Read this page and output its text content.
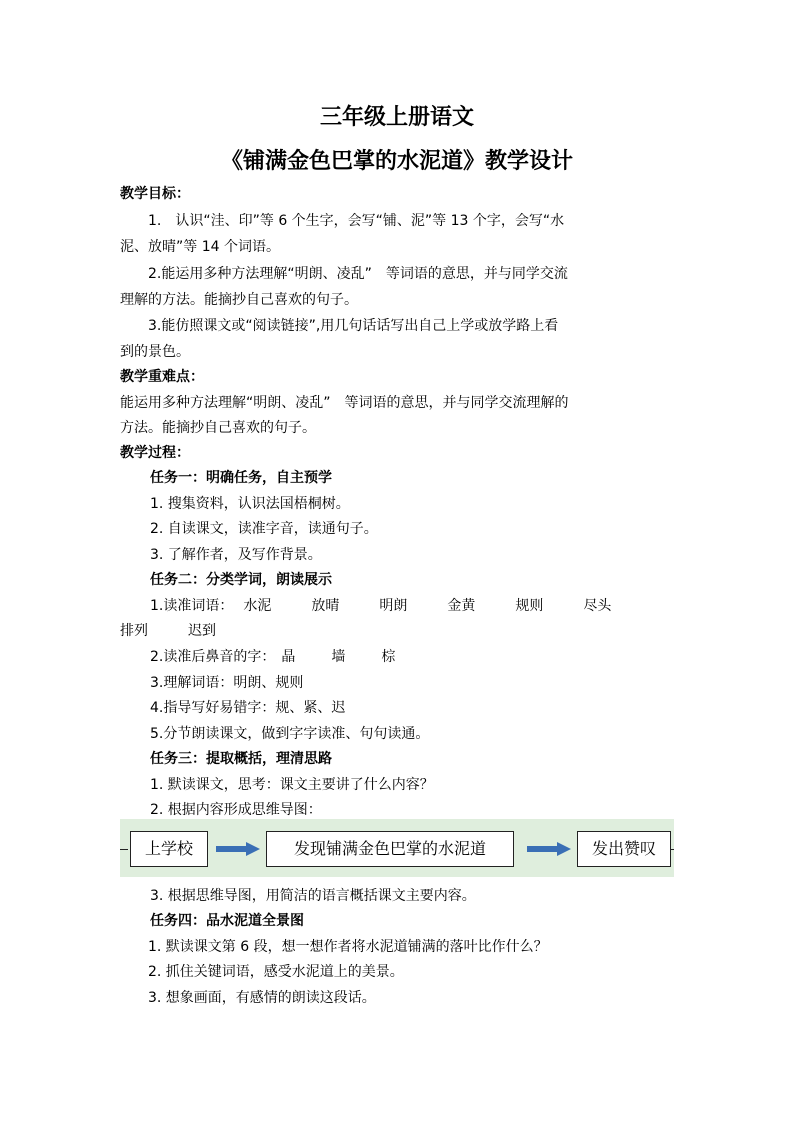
三年级上册语文
《铺满金色巴掌的水泥道》教学设计
教学目标：
1.　认识“洼、印”等 6 个生字，会写“铺、泥”等 13 个字，会写“水
泥、放晴”等 14 个词语。
2.能运用多种方法理解“明朗、凌乱”　等词语的意思，并与同学交流
理解的方法。能摘抄自己喜欢的句子。
3.能仿照课文或“阅读链接”,用几句话话写出自己上学或放学路上看
到的景色。
教学重难点：
能运用多种方法理解“明朗、凌乱”　等词语的意思，并与同学交流理解的
方法。能摘抄自己喜欢的句子。
教学过程：
任务一：明确任务，自主预学
1. 搜集资料，认识法国梧桐树。
2. 自读课文，读准字音，读通句子。
3. 了解作者，及写作背景。
任务二：分类学词，朗读展示
1.读准词语： 水泥	放晴	明朗	金黄	规则	尽头
排列	迟到
2.读准后鼻音的字： 晶	墙	棕
3.理解词语：明朗、规则
4.指导写好易错字：规、紧、迟
5.分节朗读课文，做到字字读准、句句读通。
任务三：提取概括，理清思路
1. 默读课文，思考：课文主要讲了什么内容？
2. 根据内容形成思维导图：
上学校	发现铺满金色巴掌的水泥道	发出赞叹
3. 根据思维导图，用简洁的语言概括课文主要内容。
任务四：品水泥道全景图
1. 默读课文第 6 段，想一想作者将水泥道铺满的落叶比作什么？
2. 抓住关键词语，感受水泥道上的美景。
3. 想象画面，有感情的朗读这段话。
